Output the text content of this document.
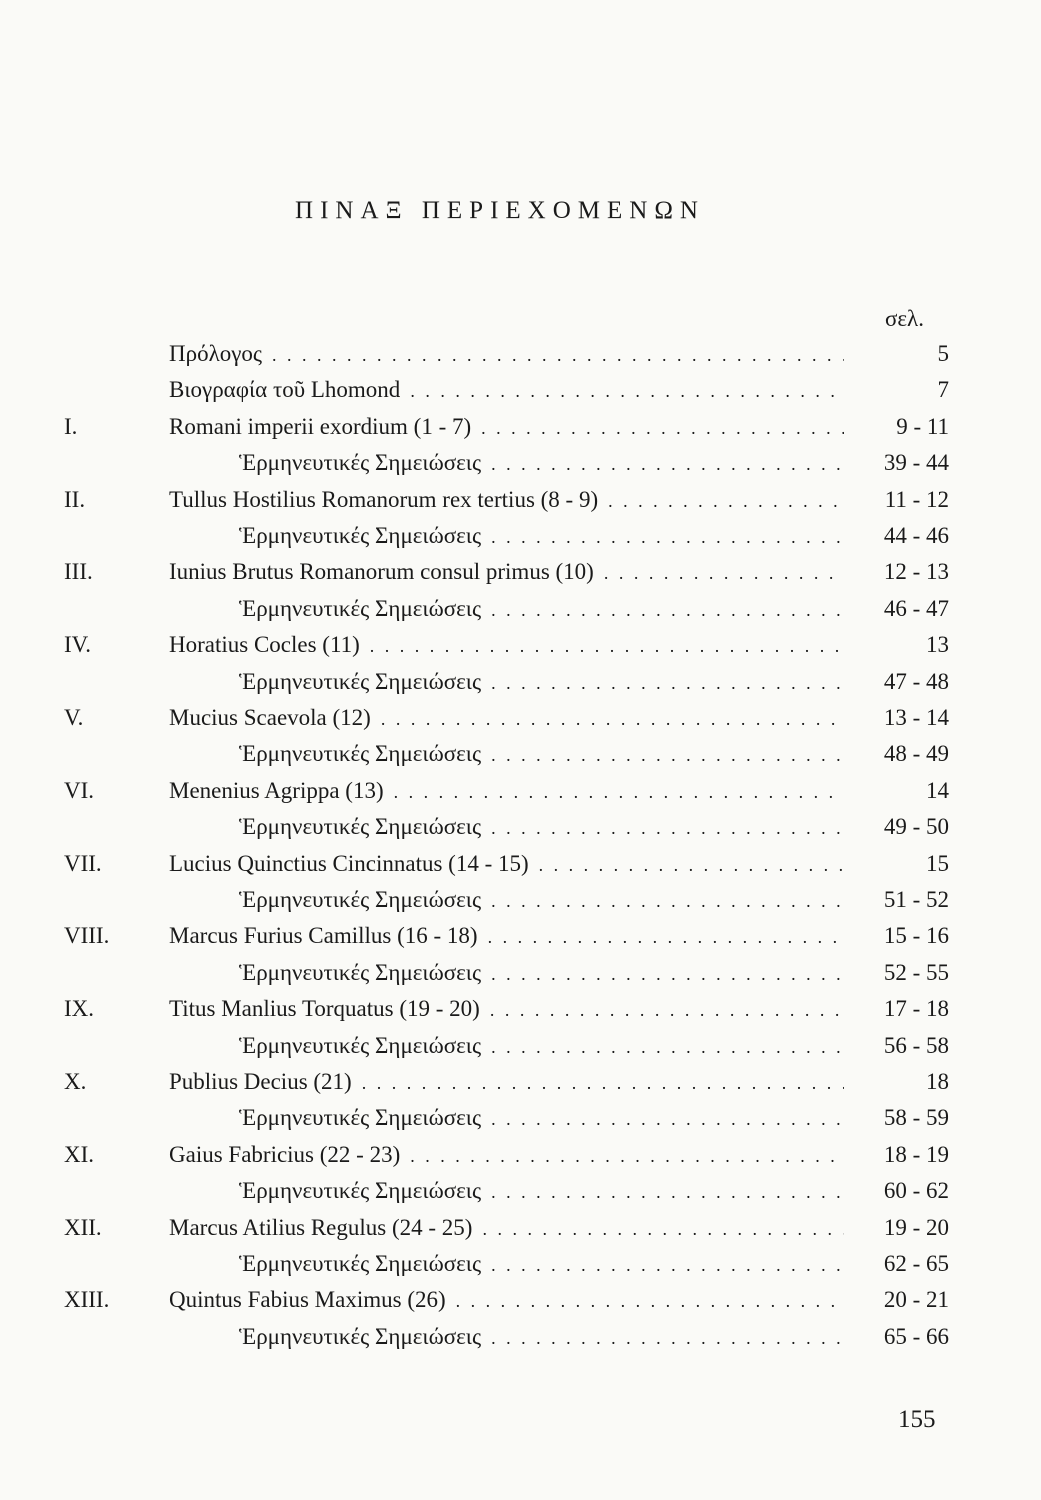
ΠΙΝΑΞ ΠΕΡΙΕΧΟΜΕΝΩΝ
σελ.
Πρόλογος . . .	5
Βιογραφία τοῦ Lhomond . . .	7
I.	Romani imperii exordium (1 - 7) . . .	9 - 11
Ἑρμηνευτικές Σημειώσεις . . .	39 - 44
II.	Tullus Hostilius Romanorum rex tertius (8 - 9) . . .	11 - 12
Ἑρμηνευτικές Σημειώσεις . . .	44 - 46
III.	Iunius Brutus Romanorum consul primus (10) . . .	12 - 13
Ἑρμηνευτικές Σημειώσεις . . .	46 - 47
IV.	Horatius Cocles (11) . . .	13
Ἑρμηνευτικές Σημειώσεις . . .	47 - 48
V.	Mucius Scaevola (12) . . .	13 - 14
Ἑρμηνευτικές Σημειώσεις . . .	48 - 49
VI.	Menenius Agrippa (13) . . .	14
Ἑρμηνευτικές Σημειώσεις . . .	49 - 50
VII.	Lucius Quinctius Cincinnatus (14 - 15) . . .	15
Ἑρμηνευτικές Σημειώσεις . . .	51 - 52
VIII.	Marcus Furius Camillus (16 - 18) . . .	15 - 16
Ἑρμηνευτικές Σημειώσεις . . .	52 - 55
IX.	Titus Manlius Torquatus (19 - 20) . . .	17 - 18
Ἑρμηνευτικές Σημειώσεις . . .	56 - 58
X.	Publius Decius (21) . . .	18
Ἑρμηνευτικές Σημειώσεις . . .	58 - 59
XI.	Gaius Fabricius (22 - 23) . . .	18 - 19
Ἑρμηνευτικές Σημειώσεις . . .	60 - 62
XII.	Marcus Atilius Regulus (24 - 25) . . .	19 - 20
Ἑρμηνευτικές Σημειώσεις . . .	62 - 65
XIII.	Quintus Fabius Maximus (26) . . .	20 - 21
Ἑρμηνευτικές Σημειώσεις . . .	65 - 66
155
